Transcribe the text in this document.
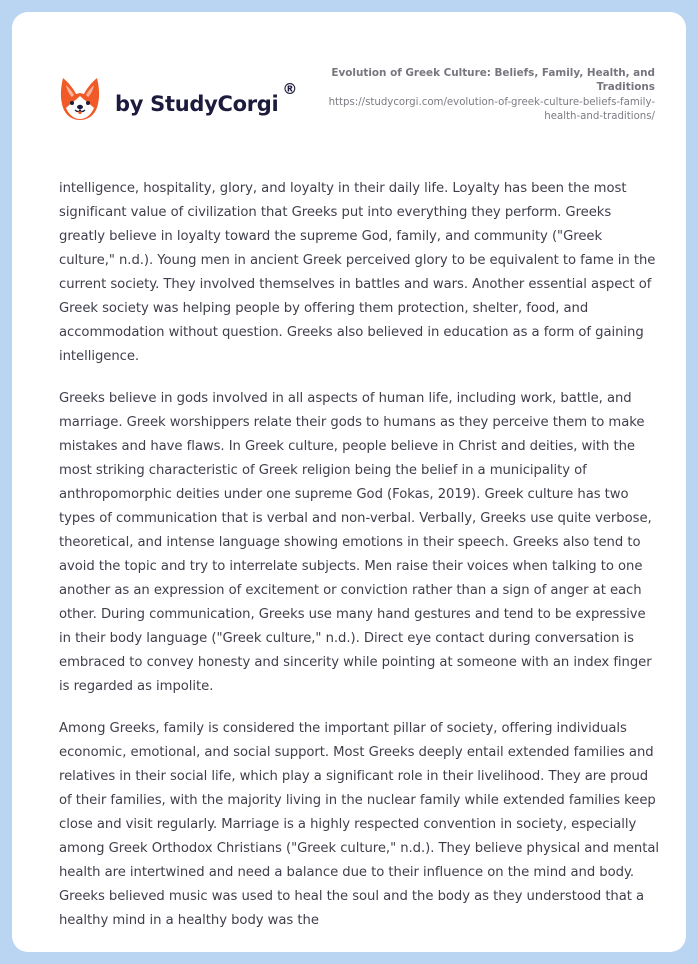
by StudyCorgi
®
Evolution of Greek Culture: Beliefs, Family, Health, and Traditions
https://studycorgi.com/evolution-of-greek-culture-beliefs-family-health-and-traditions/

intelligence, hospitality, glory, and loyalty in their daily life. Loyalty has been the most significant value of civilization that Greeks put into everything they perform. Greeks greatly believe in loyalty toward the supreme God, family, and community ("Greek culture," n.d.). Young men in ancient Greek perceived glory to be equivalent to fame in the current society. They involved themselves in battles and wars. Another essential aspect of Greek society was helping people by offering them protection, shelter, food, and accommodation without question. Greeks also believed in education as a form of gaining intelligence.

Greeks believe in gods involved in all aspects of human life, including work, battle, and marriage. Greek worshippers relate their gods to humans as they perceive them to make mistakes and have flaws. In Greek culture, people believe in Christ and deities, with the most striking characteristic of Greek religion being the belief in a municipality of anthropomorphic deities under one supreme God (Fokas, 2019). Greek culture has two types of communication that is verbal and non-verbal. Verbally, Greeks use quite verbose, theoretical, and intense language showing emotions in their speech. Greeks also tend to avoid the topic and try to interrelate subjects. Men raise their voices when talking to one another as an expression of excitement or conviction rather than a sign of anger at each other. During communication, Greeks use many hand gestures and tend to be expressive in their body language ("Greek culture," n.d.). Direct eye contact during conversation is embraced to convey honesty and sincerity while pointing at someone with an index finger is regarded as impolite.

Among Greeks, family is considered the important pillar of society, offering individuals economic, emotional, and social support. Most Greeks deeply entail extended families and relatives in their social life, which play a significant role in their livelihood. They are proud of their families, with the majority living in the nuclear family while extended families keep close and visit regularly. Marriage is a highly respected convention in society, especially among Greek Orthodox Christians ("Greek culture," n.d.). They believe physical and mental health are intertwined and need a balance due to their influence on the mind and body. Greeks believed music was used to heal the soul and the body as they understood that a healthy mind in a healthy body was the
